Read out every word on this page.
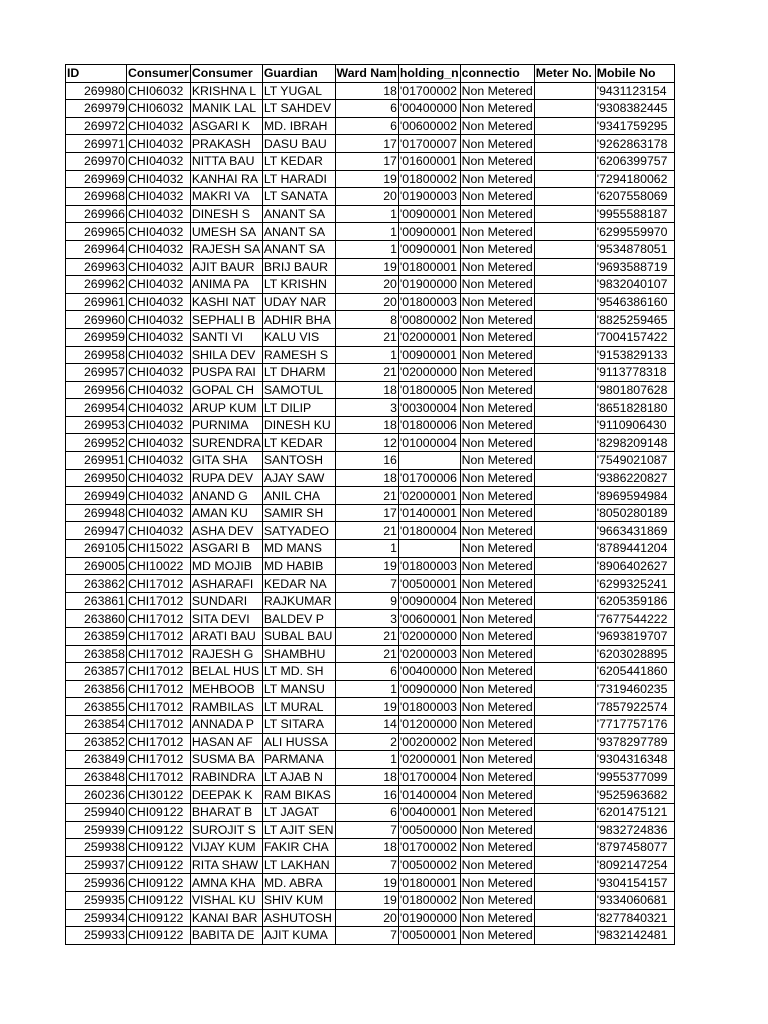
ID	Consumer	Consumer	Guardian	Ward Nam	holding_n	connectio	Meter No.	Mobile No
269980	CHI06032	KRISHNA L	LT YUGAL	18	'01700002	Non Metered		'9431123154
269979	CHI06032	MANIK LAL	LT SAHDEV	6	'00400000	Non Metered		'9308382445
269972	CHI04032	ASGARI K	MD. IBRAH	6	'00600002	Non Metered		'9341759295
269971	CHI04032	PRAKASH	DASU BAU	17	'01700007	Non Metered		'9262863178
269970	CHI04032	NITTA BAU	LT KEDAR	17	'01600001	Non Metered		'6206399757
269969	CHI04032	KANHAI RA	LT HARADI	19	'01800002	Non Metered		'7294180062
269968	CHI04032	MAKRI VA	LT SANATA	20	'01900003	Non Metered		'6207558069
269966	CHI04032	DINESH S	ANANT SA	1	'00900001	Non Metered		'9955588187
269965	CHI04032	UMESH SA	ANANT SA	1	'00900001	Non Metered		'6299559970
269964	CHI04032	RAJESH SA	ANANT SA	1	'00900001	Non Metered		'9534878051
269963	CHI04032	AJIT BAUR	BRIJ BAUR	19	'01800001	Non Metered		'9693588719
269962	CHI04032	ANIMA PA	LT KRISHN	20	'01900000	Non Metered		'9832040107
269961	CHI04032	KASHI NAT	UDAY NAR	20	'01800003	Non Metered		'9546386160
269960	CHI04032	SEPHALI B	ADHIR BHA	8	'00800002	Non Metered		'8825259465
269959	CHI04032	SANTI VI	KALU VIS	21	'02000001	Non Metered		'7004157422
269958	CHI04032	SHILA DEV	RAMESH S	1	'00900001	Non Metered		'9153829133
269957	CHI04032	PUSPA RAI	LT DHARM	21	'02000000	Non Metered		'9113778318
269956	CHI04032	GOPAL CH	SAMOTUL	18	'01800005	Non Metered		'9801807628
269954	CHI04032	ARUP KUM	LT DILIP	3	'00300004	Non Metered		'8651828180
269953	CHI04032	PURNIMA	DINESH KU	18	'01800006	Non Metered		'9110906430
269952	CHI04032	SURENDRA	LT KEDAR	12	'01000004	Non Metered		'8298209148
269951	CHI04032	GITA SHA	SANTOSH	16		Non Metered		'7549021087
269950	CHI04032	RUPA DEV	AJAY SAW	18	'01700006	Non Metered		'9386220827
269949	CHI04032	ANAND G	ANIL CHA	21	'02000001	Non Metered		'8969594984
269948	CHI04032	AMAN KU	SAMIR SH	17	'01400001	Non Metered		'8050280189
269947	CHI04032	ASHA DEV	SATYADEO	21	'01800004	Non Metered		'9663431869
269105	CHI15022	ASGARI B	MD MANS	1		Non Metered		'8789441204
269005	CHI10022	MD MOJIB	MD HABIB	19	'01800003	Non Metered		'8906402627
263862	CHI17012	ASHARAFI	KEDAR NA	7	'00500001	Non Metered		'6299325241
263861	CHI17012	SUNDARI	RAJKUMAR	9	'00900004	Non Metered		'6205359186
263860	CHI17012	SITA DEVI	BALDEV P	3	'00600001	Non Metered		'7677544222
263859	CHI17012	ARATI BAU	SUBAL BAU	21	'02000000	Non Metered		'9693819707
263858	CHI17012	RAJESH G	SHAMBHU	21	'02000003	Non Metered		'6203028895
263857	CHI17012	BELAL HUS	LT MD. SH	6	'00400000	Non Metered		'6205441860
263856	CHI17012	MEHBOOB	LT MANSU	1	'00900000	Non Metered		'7319460235
263855	CHI17012	RAMBILAS	LT MURAL	19	'01800003	Non Metered		'7857922574
263854	CHI17012	ANNADA P	LT SITARA	14	'01200000	Non Metered		'7717757176
263852	CHI17012	HASAN AF	ALI HUSSA	2	'00200002	Non Metered		'9378297789
263849	CHI17012	SUSMA BA	PARMANA	1	'02000001	Non Metered		'9304316348
263848	CHI17012	RABINDRA	LT AJAB N	18	'01700004	Non Metered		'9955377099
260236	CHI30122	DEEPAK K	RAM BIKAS	16	'01400004	Non Metered		'9525963682
259940	CHI09122	BHARAT B	LT JAGAT	6	'00400001	Non Metered		'6201475121
259939	CHI09122	SUROJIT S	LT AJIT SEN	7	'00500000	Non Metered		'9832724836
259938	CHI09122	VIJAY KUM	FAKIR CHA	18	'01700002	Non Metered		'8797458077
259937	CHI09122	RITA SHAW	LT LAKHAN	7	'00500002	Non Metered		'8092147254
259936	CHI09122	AMNA KHA	MD. ABRA	19	'01800001	Non Metered		'9304154157
259935	CHI09122	VISHAL KU	SHIV KUM	19	'01800002	Non Metered		'9334060681
259934	CHI09122	KANAI BAR	ASHUTOSH	20	'01900000	Non Metered		'8277840321
259933	CHI09122	BABITA DE	AJIT KUMA	7	'00500001	Non Metered		'9832142481
